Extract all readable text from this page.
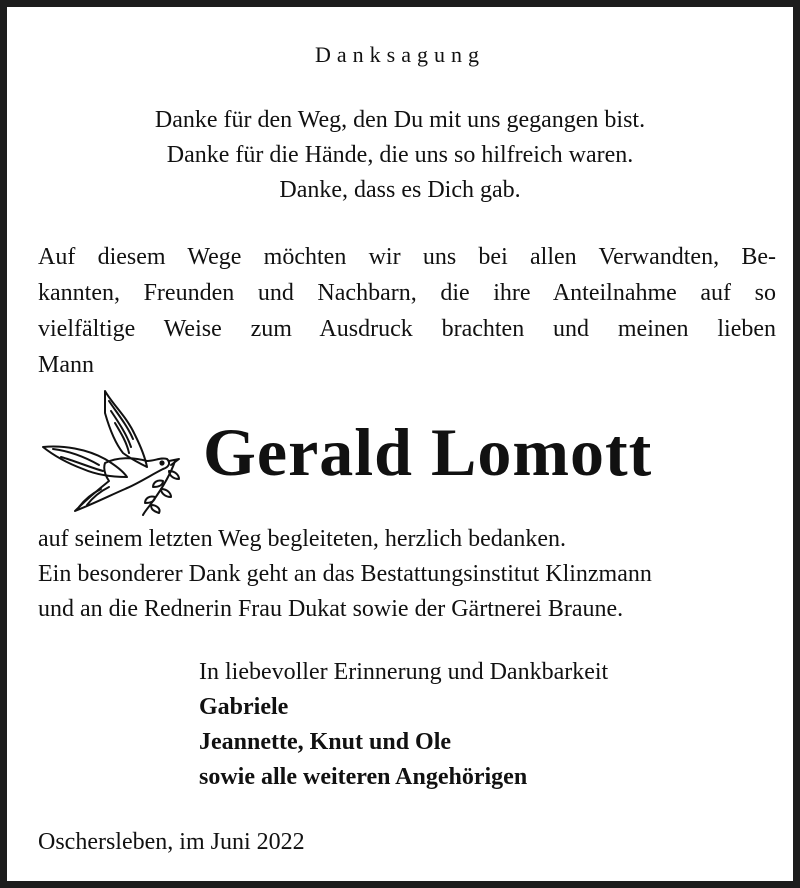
Danksagung
Danke für den Weg, den Du mit uns gegangen bist.
Danke für die Hände, die uns so hilfreich waren.
Danke, dass es Dich gab.
Auf diesem Wege möchten wir uns bei allen Verwandten, Be-
kannten, Freunden und Nachbarn, die ihre Anteilnahme auf so
vielfältige Weise zum Ausdruck brachten und meinen lieben
Mann
Gerald Lomott
auf seinem letzten Weg begleiteten, herzlich bedanken.
Ein besonderer Dank geht an das Bestattungsinstitut Klinzmann
und an die Rednerin Frau Dukat sowie der Gärtnerei Braune.
In liebevoller Erinnerung und Dankbarkeit
Gabriele
Jeannette, Knut und Ole
sowie alle weiteren Angehörigen
Oschersleben, im Juni 2022
